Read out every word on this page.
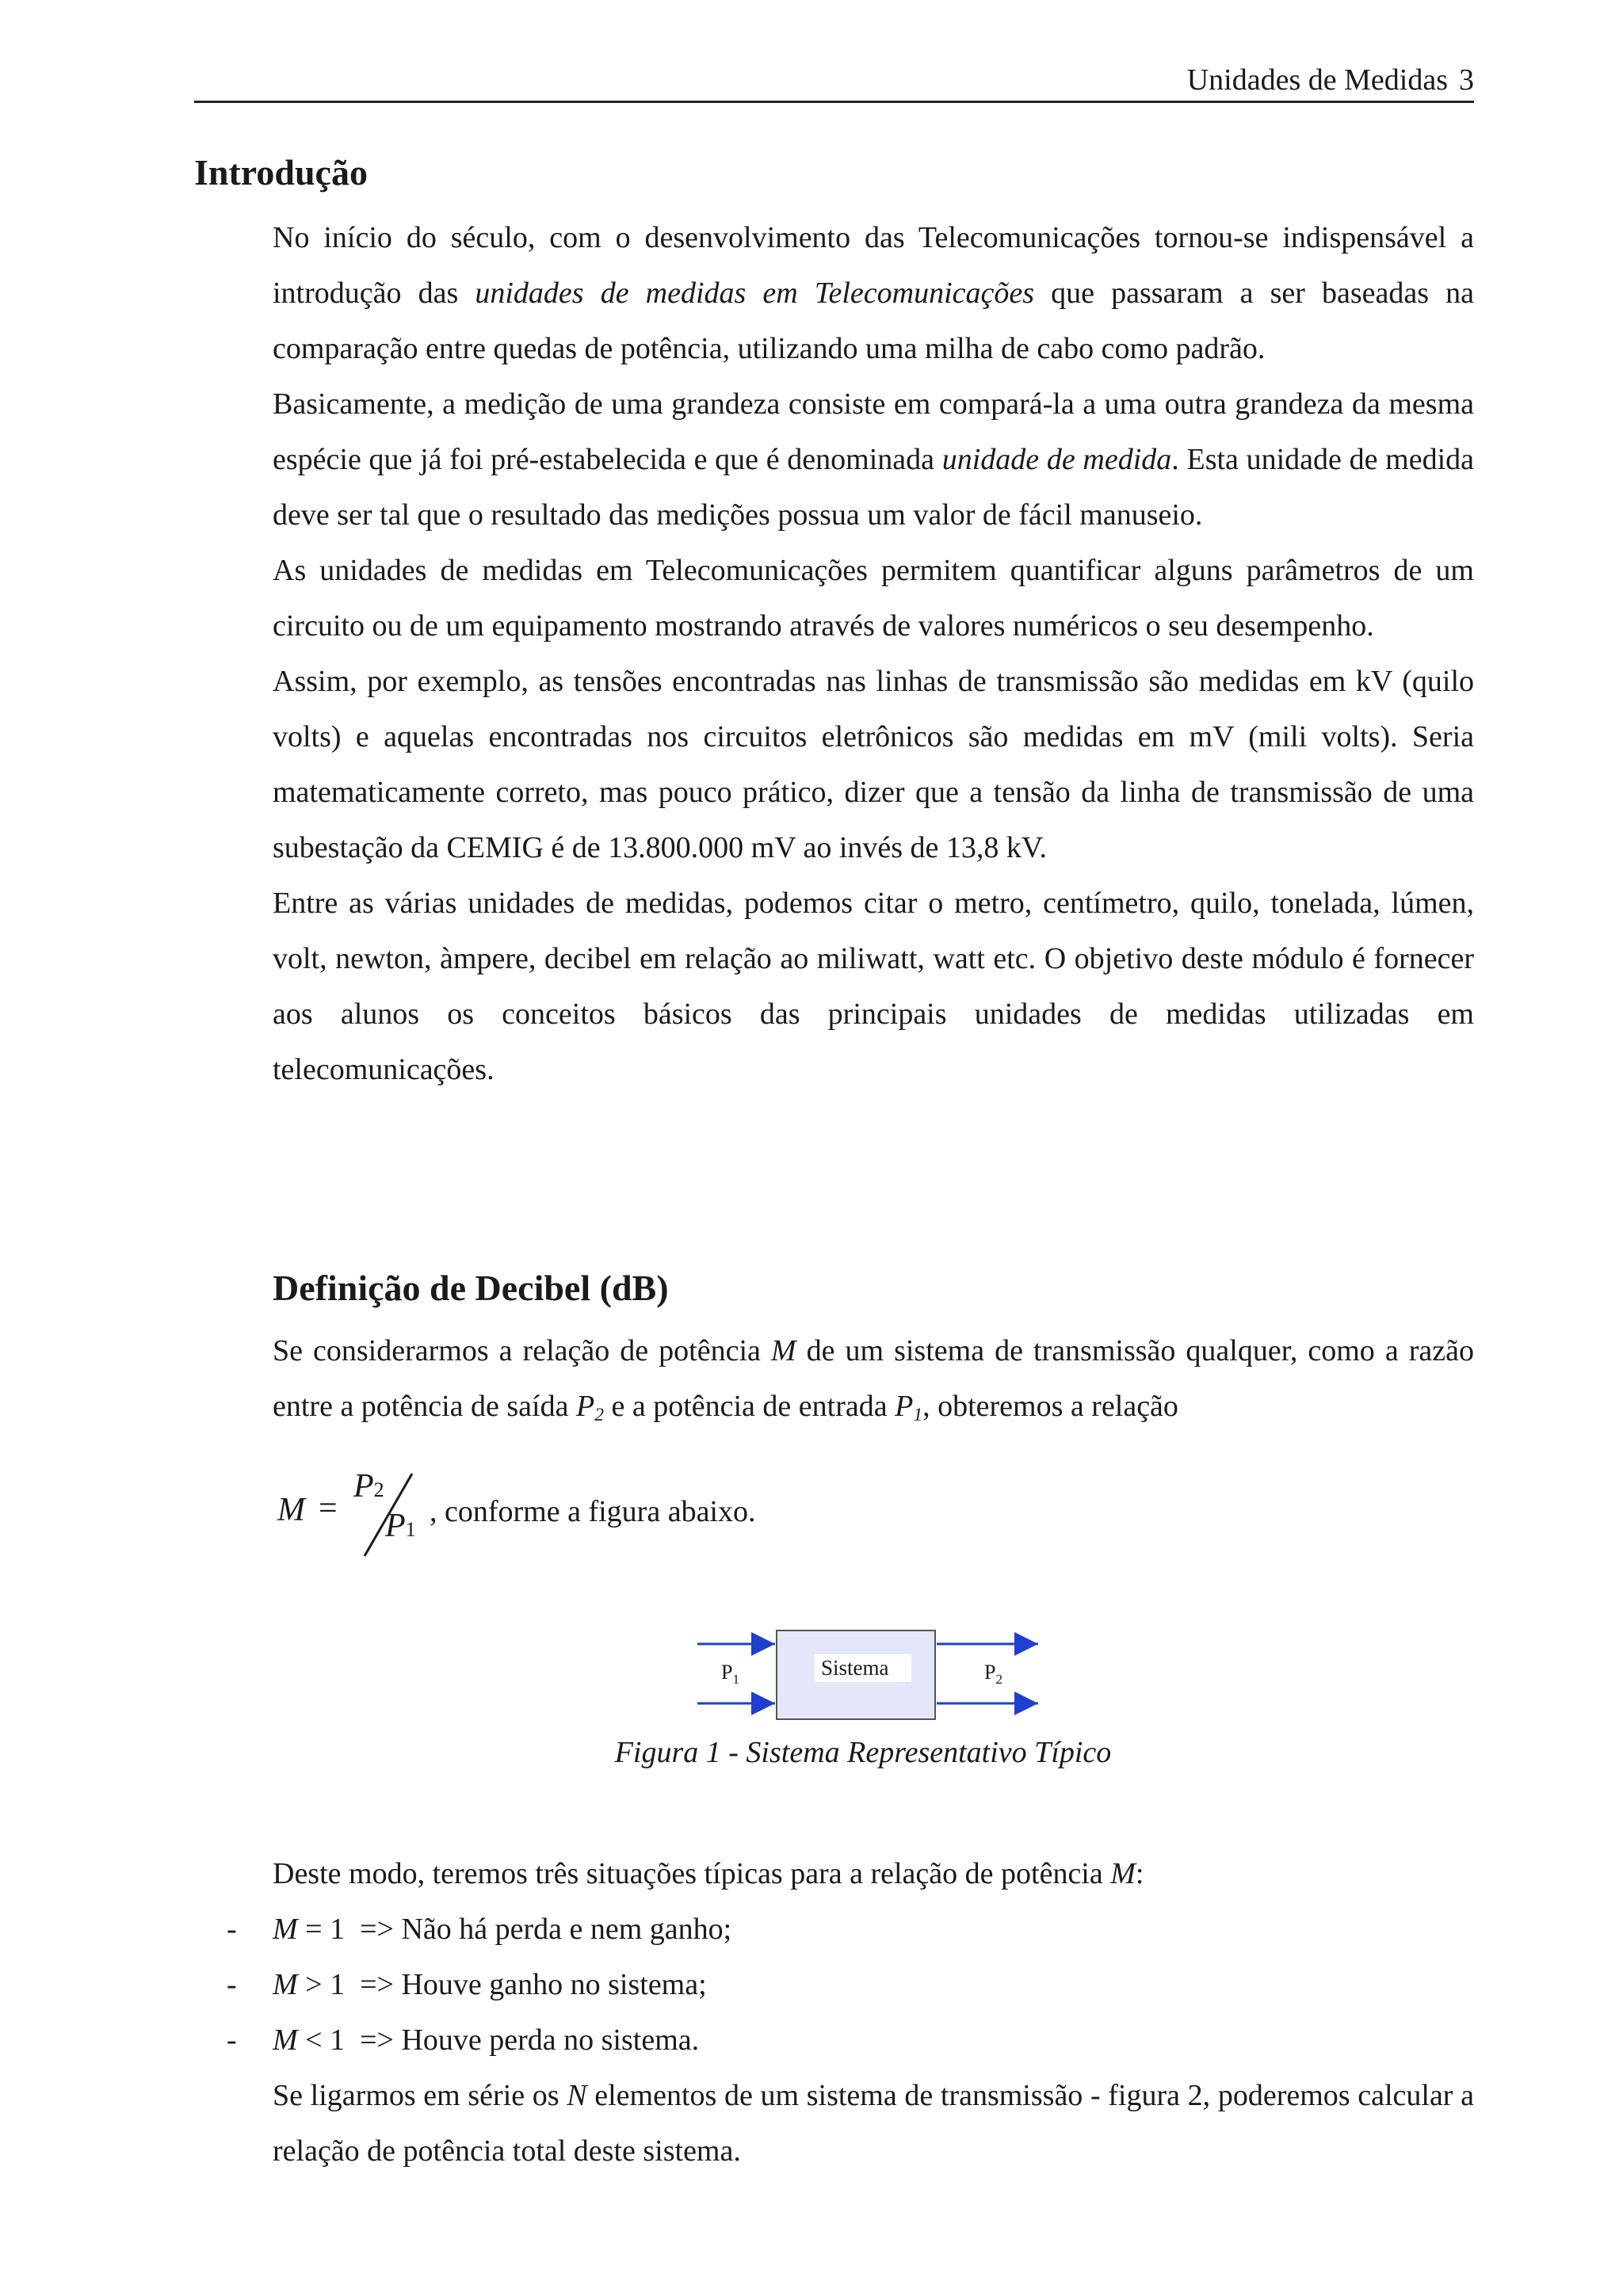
Unidades de Medidas 3
Introdução

No início do século, com o desenvolvimento das Telecomunicações tornou-se indispensável a introdução das unidades de medidas em Telecomunicações que passaram a ser baseadas na comparação entre quedas de potência, utilizando uma milha de cabo como padrão.

Basicamente, a medição de uma grandeza consiste em compará-la a uma outra grandeza da mesma espécie que já foi pré-estabelecida e que é denominada unidade de medida. Esta unidade de medida deve ser tal que o resultado das medições possua um valor de fácil manuseio.

As unidades de medidas em Telecomunicações permitem quantificar alguns parâmetros de um circuito ou de um equipamento mostrando através de valores numéricos o seu desempenho.

Assim, por exemplo, as tensões encontradas nas linhas de transmissão são medidas em kV (quilo volts) e aquelas encontradas nos circuitos eletrônicos são medidas em mV (mili volts). Seria matematicamente correto, mas pouco prático, dizer que a tensão da linha de transmissão de uma subestação da CEMIG é de 13.800.000 mV ao invés de 13,8 kV.

Entre as várias unidades de medidas, podemos citar o metro, centímetro, quilo, tonelada, lúmen, volt, newton, àmpere, decibel em relação ao miliwatt, watt etc. O objetivo deste módulo é fornecer aos alunos os conceitos básicos das principais unidades de medidas utilizadas em telecomunicações.

Definição de Decibel (dB)

Se considerarmos a relação de potência M de um sistema de transmissão qualquer, como a razão entre a potência de saída $P_2$ e a potência de entrada $P_1$, obteremos a relação

M =
P2
P1
, conforme a figura abaixo.
$P_1$	Sistema	$P_2$
Figura 1 - Sistema Representativo Típico

Deste modo, teremos três situações típicas para a relação de potência M:

- M = 1  => Não há perda e nem ganho;

- M > 1  => Houve ganho no sistema;

- M < 1  => Houve perda no sistema.

Se ligarmos em série os N elementos de um sistema de transmissão - figura 2, poderemos calcular a relação de potência total deste sistema.
